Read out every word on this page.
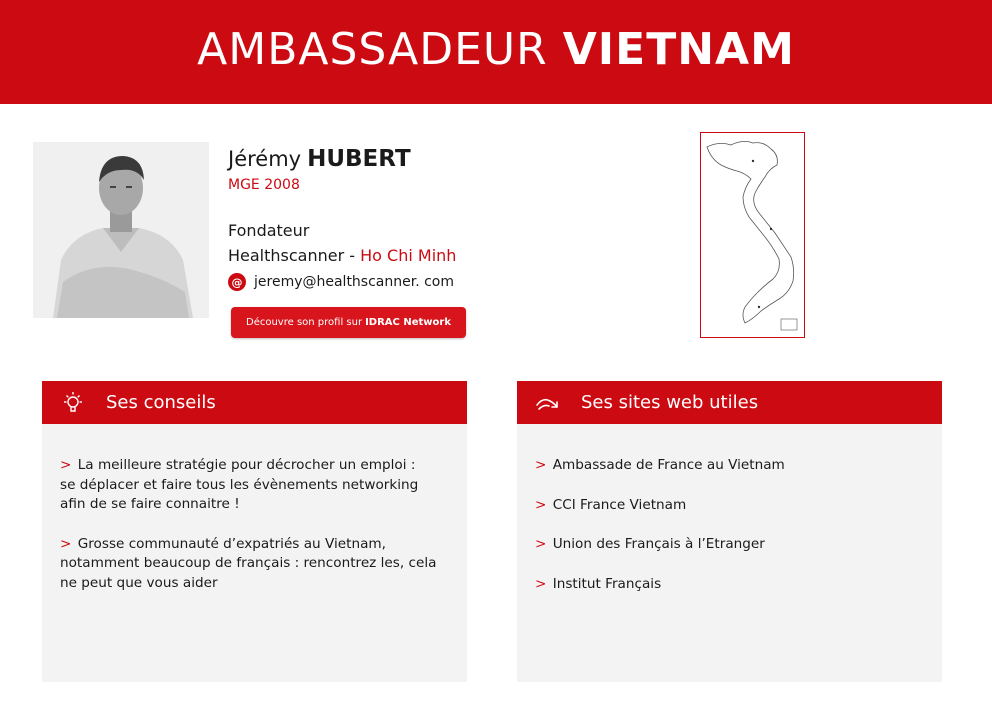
AMBASSADEUR VIETNAM
Jérémy HUBERT
MGE 2008
Fondateur
Healthscanner - Ho Chi Minh
@ jeremy@healthscanner. com
Découvre son profil sur IDRAC Network
Ses conseils
> La meilleure stratégie pour décrocher un emploi :
se déplacer et faire tous les évènements networking
afin de se faire connaitre !
> Grosse communauté d’expatriés au Vietnam,
notamment beaucoup de français : rencontrez les, cela
ne peut que vous aider
Ses sites web utiles
> Ambassade de France au Vietnam
> CCI France Vietnam
> Union des Français à l’Etranger
> Institut Français
